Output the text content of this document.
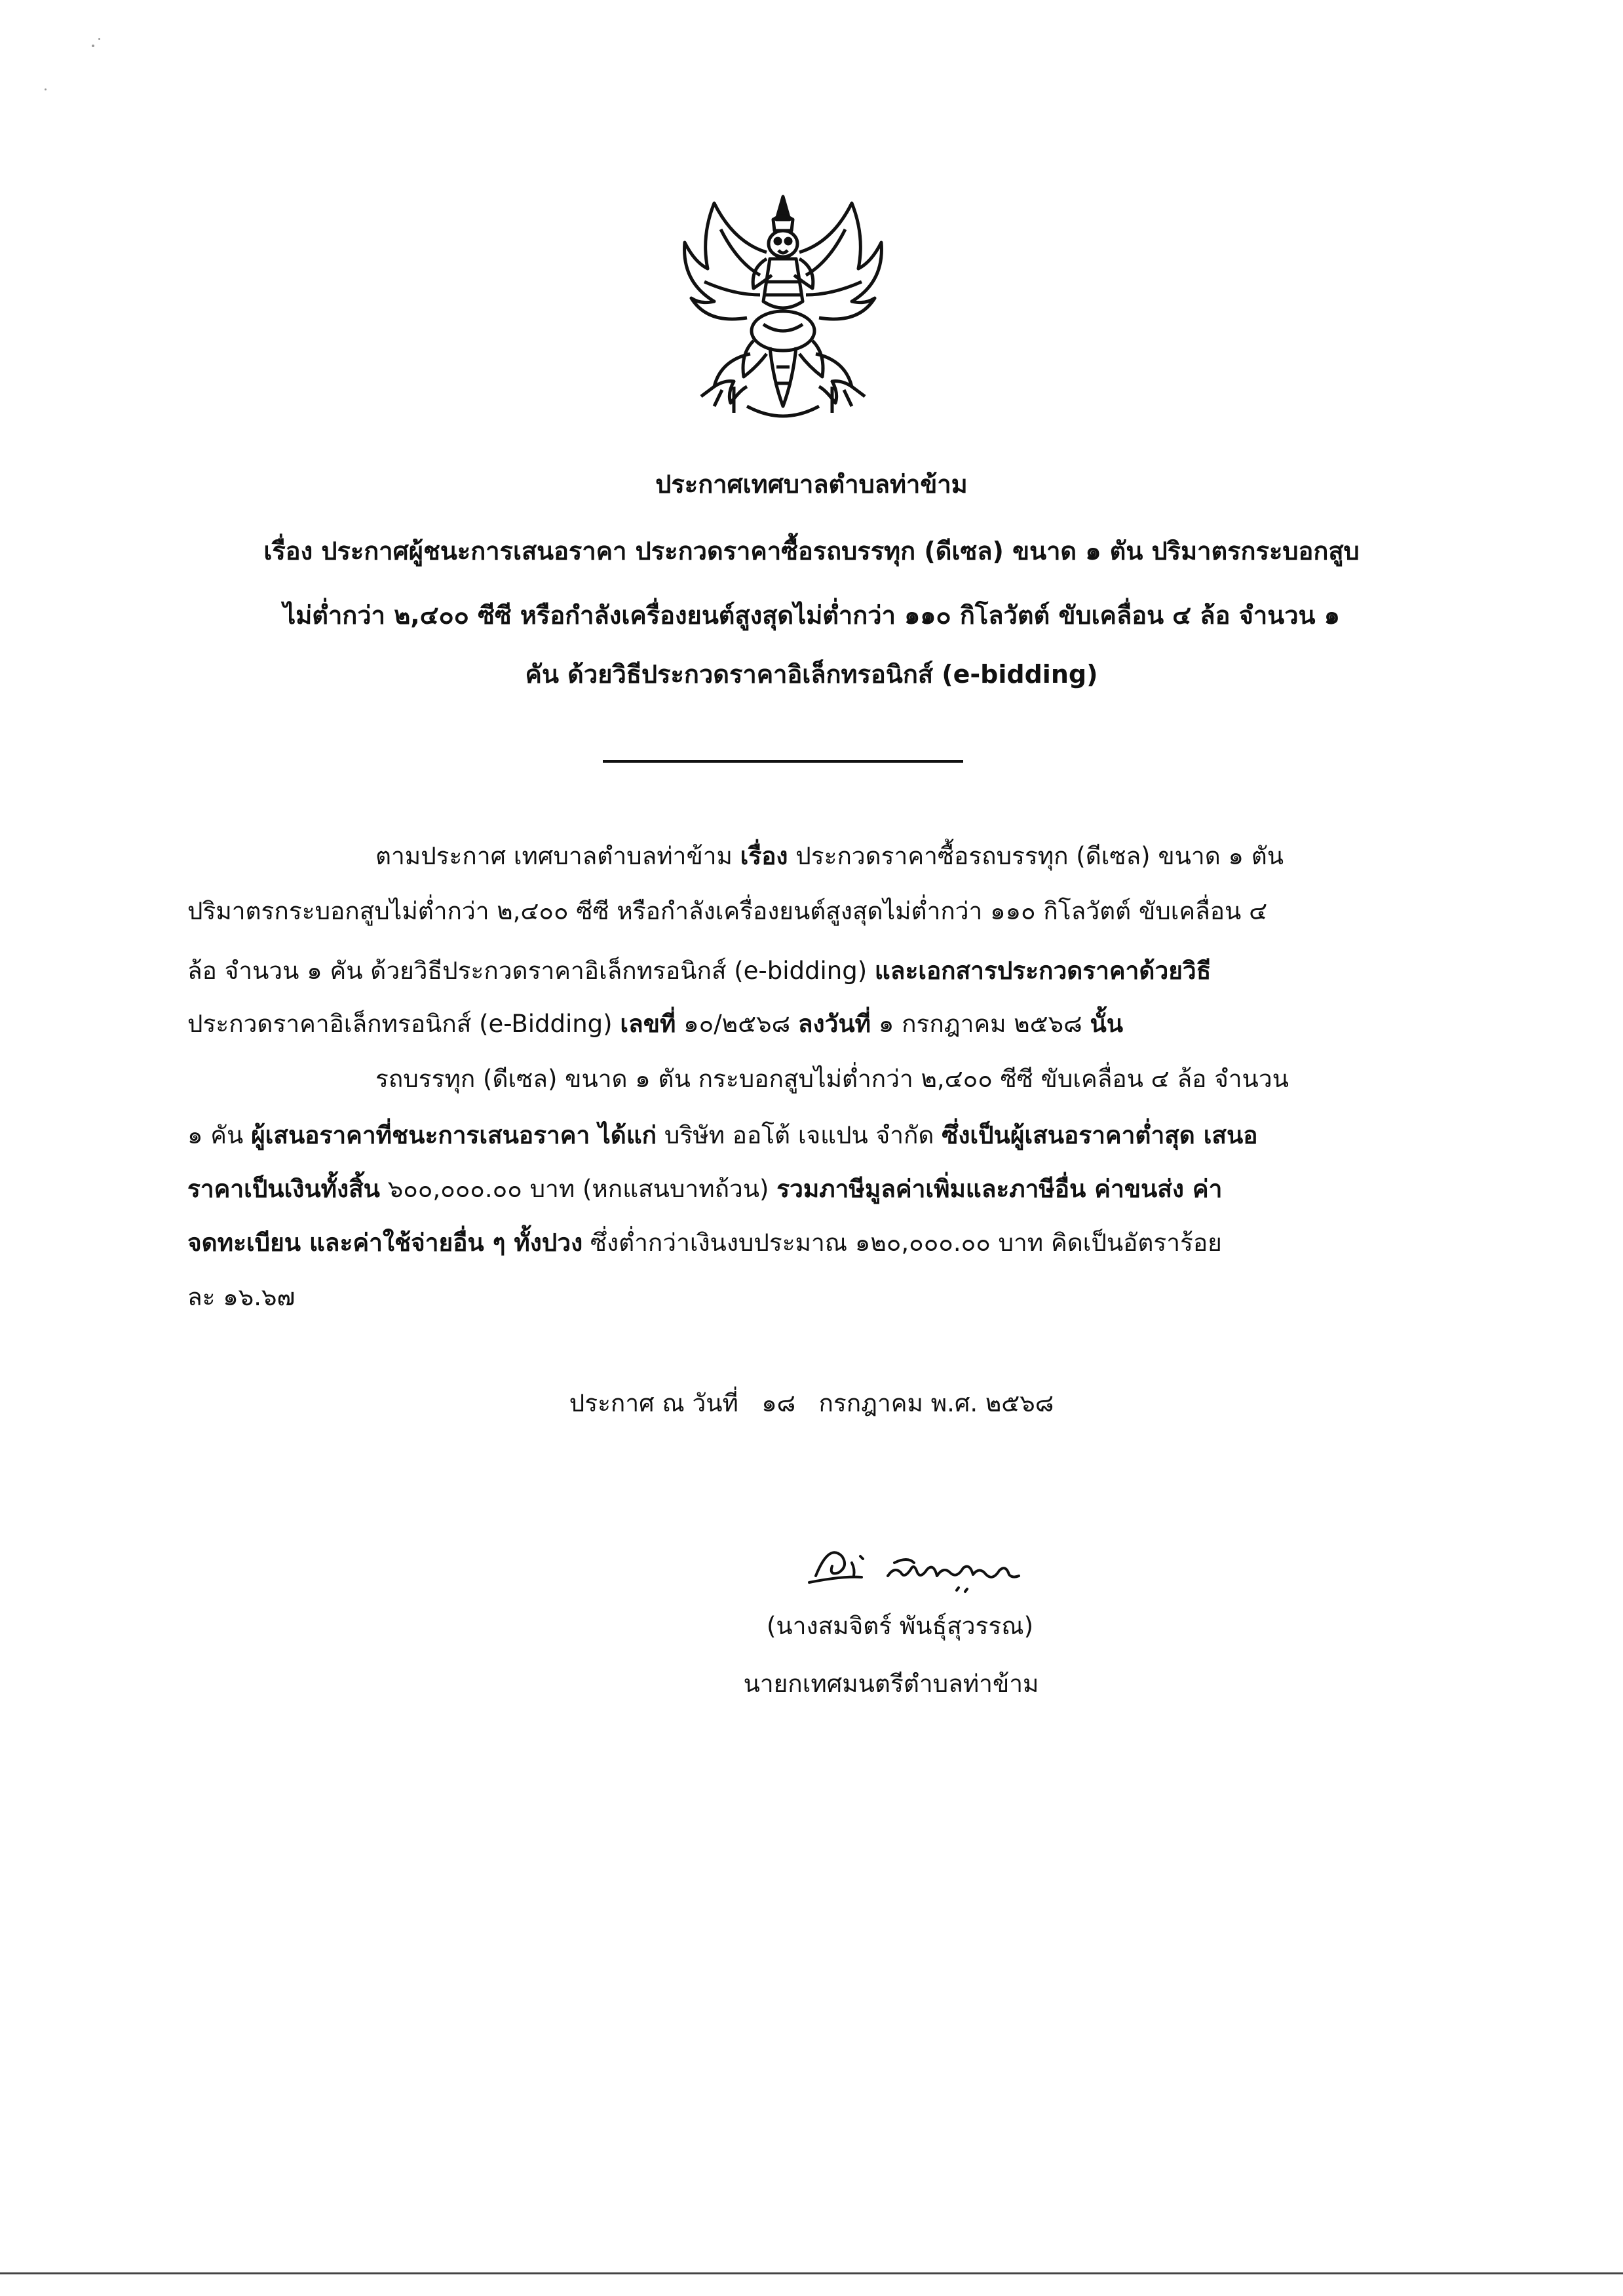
ประกาศเทศบาลตำบลท่าข้าม
เรื่อง ประกาศผู้ชนะการเสนอราคา ประกวดราคาซื้อรถบรรทุก (ดีเซล) ขนาด ๑ ตัน ปริมาตรกระบอกสูบ
ไม่ต่ำกว่า ๒,๔๐๐ ซีซี หรือกำลังเครื่องยนต์สูงสุดไม่ต่ำกว่า ๑๑๐ กิโลวัตต์ ขับเคลื่อน ๔ ล้อ จำนวน ๑
คัน ด้วยวิธีประกวดราคาอิเล็กทรอนิกส์ (e-bidding)
ตามประกาศ เทศบาลตำบลท่าข้าม เรื่อง ประกวดราคาซื้อรถบรรทุก (ดีเซล) ขนาด ๑ ตัน
ปริมาตรกระบอกสูบไม่ต่ำกว่า ๒,๔๐๐ ซีซี หรือกำลังเครื่องยนต์สูงสุดไม่ต่ำกว่า ๑๑๐ กิโลวัตต์ ขับเคลื่อน ๔
ล้อ จำนวน ๑ คัน ด้วยวิธีประกวดราคาอิเล็กทรอนิกส์ (e-bidding) และเอกสารประกวดราคาด้วยวิธี
ประกวดราคาอิเล็กทรอนิกส์ (e-Bidding) เลขที่ ๑๐/๒๕๖๘ ลงวันที่ ๑ กรกฎาคม ๒๕๖๘ นั้น
รถบรรทุก (ดีเซล) ขนาด ๑ ตัน กระบอกสูบไม่ต่ำกว่า ๒,๔๐๐ ซีซี ขับเคลื่อน ๔ ล้อ จำนวน
๑ คัน ผู้เสนอราคาที่ชนะการเสนอราคา ได้แก่ บริษัท ออโต้ เจแปน จำกัด ซึ่งเป็นผู้เสนอราคาต่ำสุด เสนอ
ราคาเป็นเงินทั้งสิ้น ๖๐๐,๐๐๐.๐๐ บาท (หกแสนบาทถ้วน) รวมภาษีมูลค่าเพิ่มและภาษีอื่น ค่าขนส่ง ค่า
จดทะเบียน และค่าใช้จ่ายอื่น ๆ ทั้งปวง ซึ่งต่ำกว่าเงินงบประมาณ ๑๒๐,๐๐๐.๐๐ บาท คิดเป็นอัตราร้อย
ละ ๑๖.๖๗
ประกาศ ณ วันที่   ๑๘   กรกฎาคม พ.ศ. ๒๕๖๘
(นางสมจิตร์ พันธุ์สุวรรณ)
นายกเทศมนตรีตำบลท่าข้าม
